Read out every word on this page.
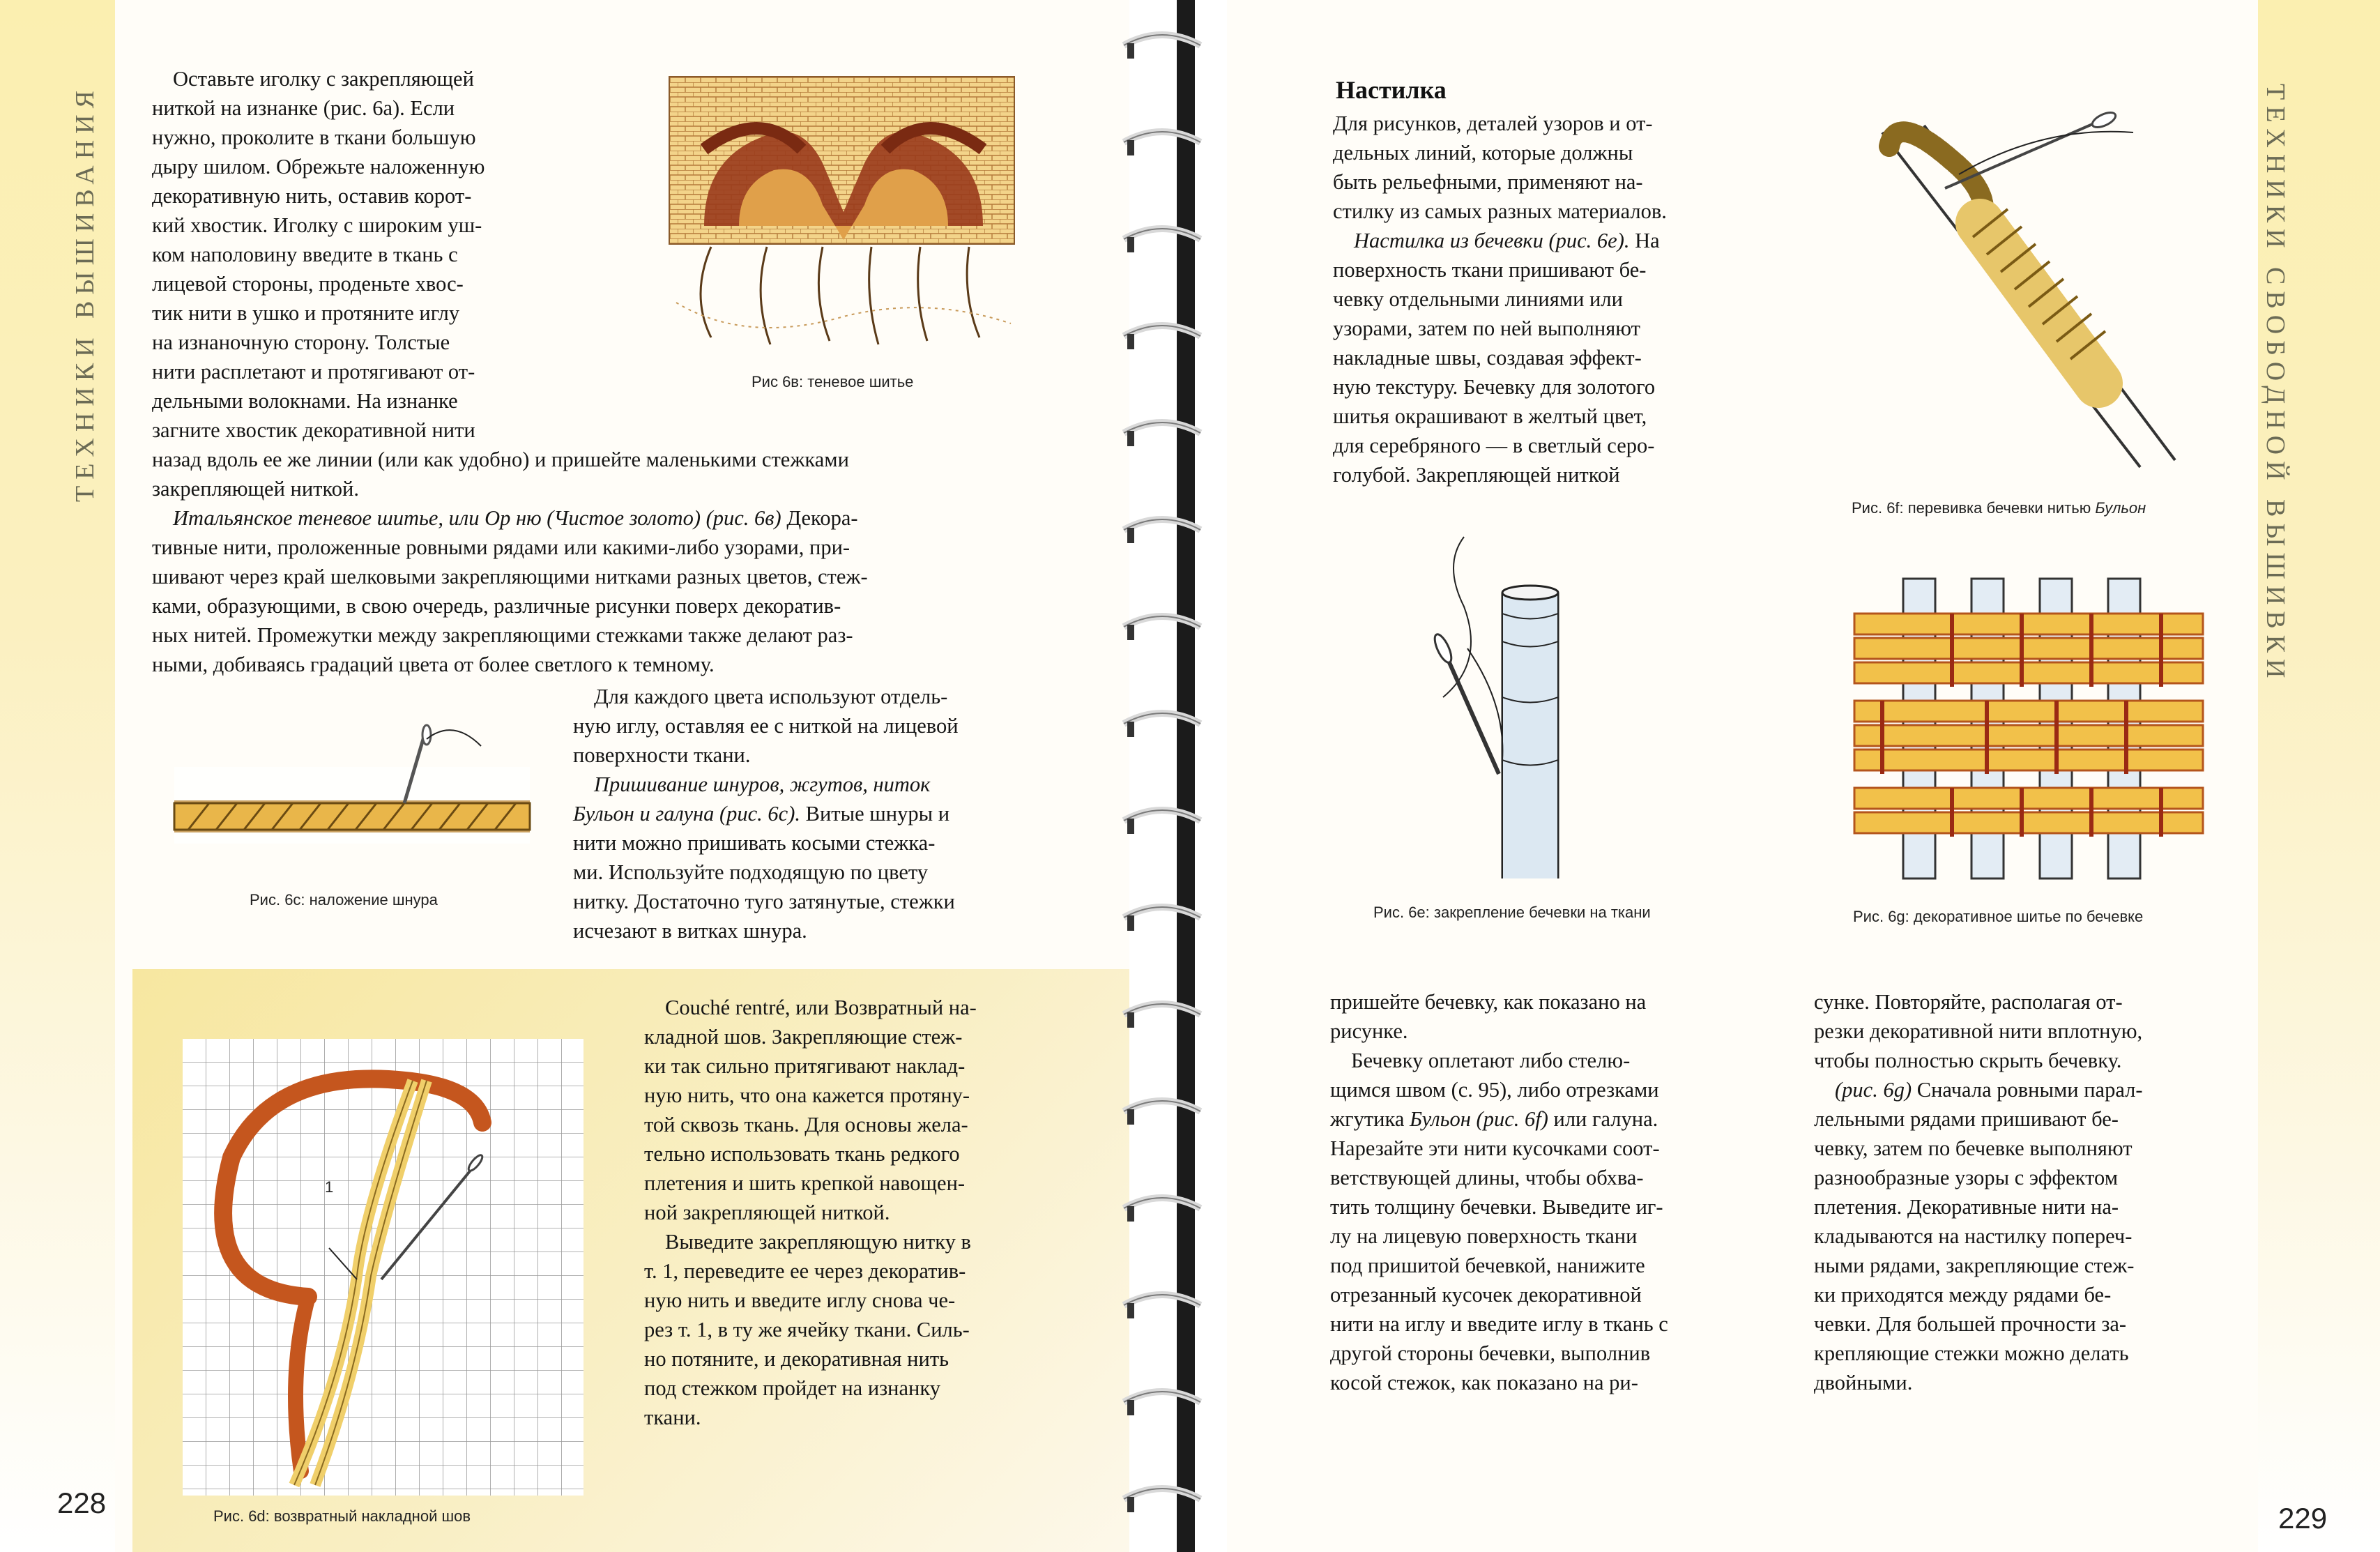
ТЕХНИКИ ВЫШИВАНИЯ

Оставьте иголку с закрепляющей

ниткой на изнанке (рис. 6а). Если

нужно, проколите в ткани большую

дыру шилом. Обрежьте наложенную

декоративную нить, оставив корот-

кий хвостик. Иголку с широким уш-

ком наполовину введите в ткань с

лицевой стороны, проденьте хвос-

тик нити в ушко и протяните иглу

на изнаночную сторону. Толстые

нити расплетают и протягивают от-

дельными волокнами. На изнанке

загните хвостик декоративной нити

назад вдоль ее же линии (или как удобно) и пришейте маленькими стежками

закрепляющей ниткой.

Итальянское теневое шитье, или Ор ню (Чистое золото) (рис. 6в) Декора-

тивные нити, проложенные ровными рядами или какими-либо узорами, при-

шивают через край шелковыми закрепляющими нитками разных цветов, стеж-

ками, образующими, в свою очередь, различные рисунки поверх декоратив-

ных нитей. Промежутки между закрепляющими стежками также делают раз-

ными, добиваясь градаций цвета от более светлого к темному.

Для каждого цвета используют отдель-

ную иглу, оставляя ее с ниткой на лицевой

поверхности ткани.

Пришивание шнуров, жгутов, ниток

Бульон и галуна (рис. 6с). Витые шнуры и

нити можно пришивать косыми стежка-

ми. Используйте подходящую по цвету

нитку. Достаточно туго затянутые, стежки

исчезают в витках шнура.

Couché rentré, или Возвратный на-

кладной шов. Закрепляющие стеж-

ки так сильно притягивают наклад-

ную нить, что она кажется протяну-

той сквозь ткань. Для основы жела-

тельно использовать ткань редкого

плетения и шить крепкой навощен-

ной закрепляющей ниткой.

Выведите закрепляющую нитку в

т. 1, переведите ее через декоратив-

ную нить и введите иглу снова че-

рез т. 1, в ту же ячейку ткани. Силь-

но потяните, и декоративная нить

под стежком пройдет на изнанку

ткани.

Рис 6в: теневое шитье
Рис. 6с: наложение шнура
1
Рис. 6d: возвратный накладной шов
228
ТЕХНИКИ СВОБОДНОЙ ВЫШИВКИ
Настилка

Для рисунков, деталей узоров и от-

дельных линий, которые должны

быть рельефными, применяют на-

стилку из самых разных материалов.

Настилка из бечевки (рис. 6е). На

поверхность ткани пришивают бе-

чевку отдельными линиями или

узорами, затем по ней выполняют

накладные швы, создавая эффект-

ную текстуру. Бечевку для золотого

шитья окрашивают в желтый цвет,

для серебряного — в светлый серо-

голубой. Закрепляющей ниткой

пришейте бечевку, как показано на

рисунке.

Бечевку оплетают либо стелю-

щимся швом (с. 95), либо отрезками

жгутика Бульон (рис. 6f) или галуна.

Нарезайте эти нити кусочками соот-

ветствующей длины, чтобы обхва-

тить толщину бечевки. Выведите иг-

лу на лицевую поверхность ткани

под пришитой бечевкой, нанижите

отрезанный кусочек декоративной

нити на иглу и введите иглу в ткань с

другой стороны бечевки, выполнив

косой стежок, как показано на ри-

сунке. Повторяйте, располагая от-

резки декоративной нити вплотную,

чтобы полностью скрыть бечевку.

(рис. 6g) Сначала ровными парал-

лельными рядами пришивают бе-

чевку, затем по бечевке выполняют

разнообразные узоры с эффектом

плетения. Декоративные нити на-

кладываются на настилку попереч-

ными рядами, закрепляющие стеж-

ки приходятся между рядами бе-

чевки. Для большей прочности за-

крепляющие стежки можно делать

двойными.

Рис. 6е: закрепление бечевки на ткани
Рис. 6f: перевивка бечевки нитью Бульон
Рис. 6g: декоративное шитье по бечевке
229
